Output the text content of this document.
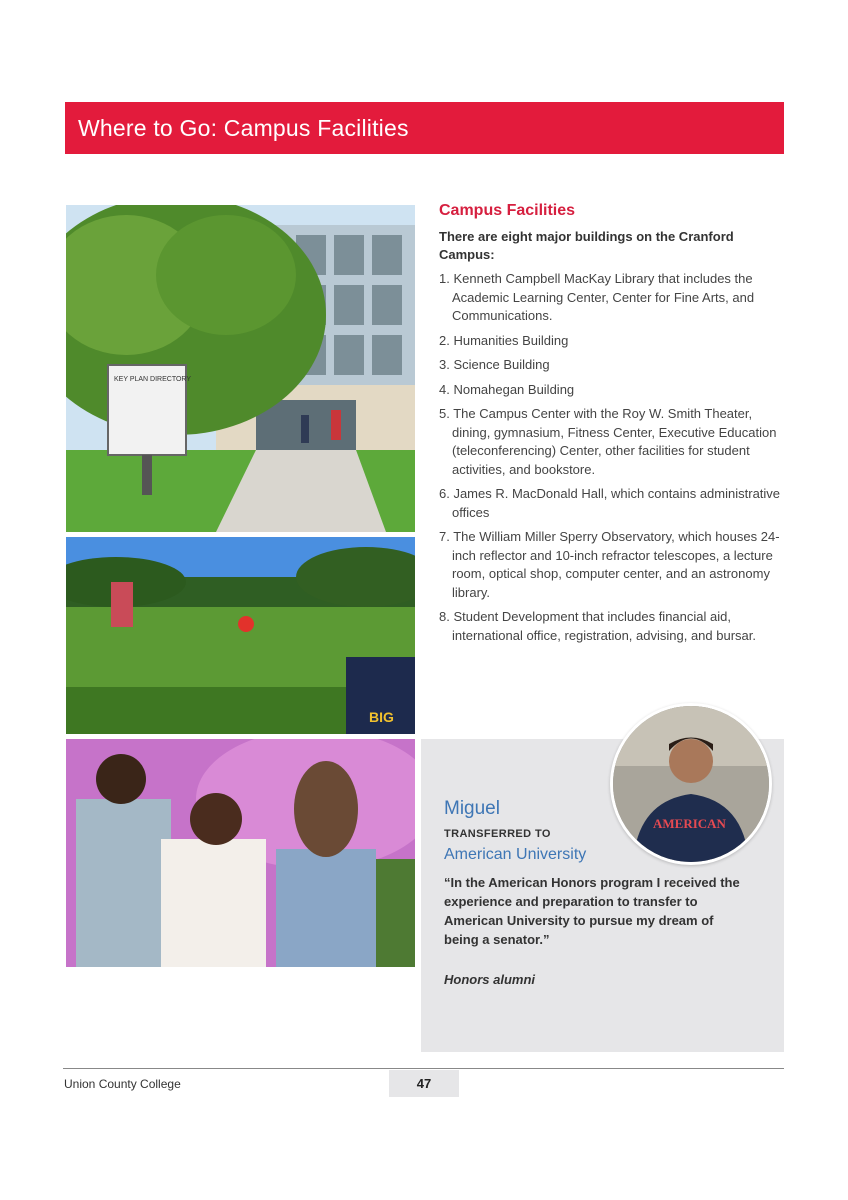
Where to Go: Campus Facilities
KEY PLAN DIRECTORY
BIG
Campus Facilities

There are eight major buildings on the Cranford Campus:

1. Kenneth Campbell MacKay Library that includes the Academic Learning Center, Center for Fine Arts, and Communications.
2. Humanities Building
3. Science Building
4. Nomahegan Building
5. The Campus Center with the Roy W. Smith Theater, dining, gymnasium, Fitness Center, Executive Education (teleconferencing) Center, other facilities for student activities, and bookstore.
6. James R. MacDonald Hall, which contains administrative offices
7. The William Miller Sperry Observatory, which houses 24-inch reflector and 10-inch refractor telescopes, a lecture room, optical shop, computer center, and an astronomy library.
8. Student Development that includes financial aid, international office, registration, advising, and bursar.
AMERICAN
Miguel
TRANSFERRED TO
American University
“In the American Honors program I received the experience and preparation to transfer to American University to pursue my dream of being a senator.”
Honors alumni
Union County College	47
